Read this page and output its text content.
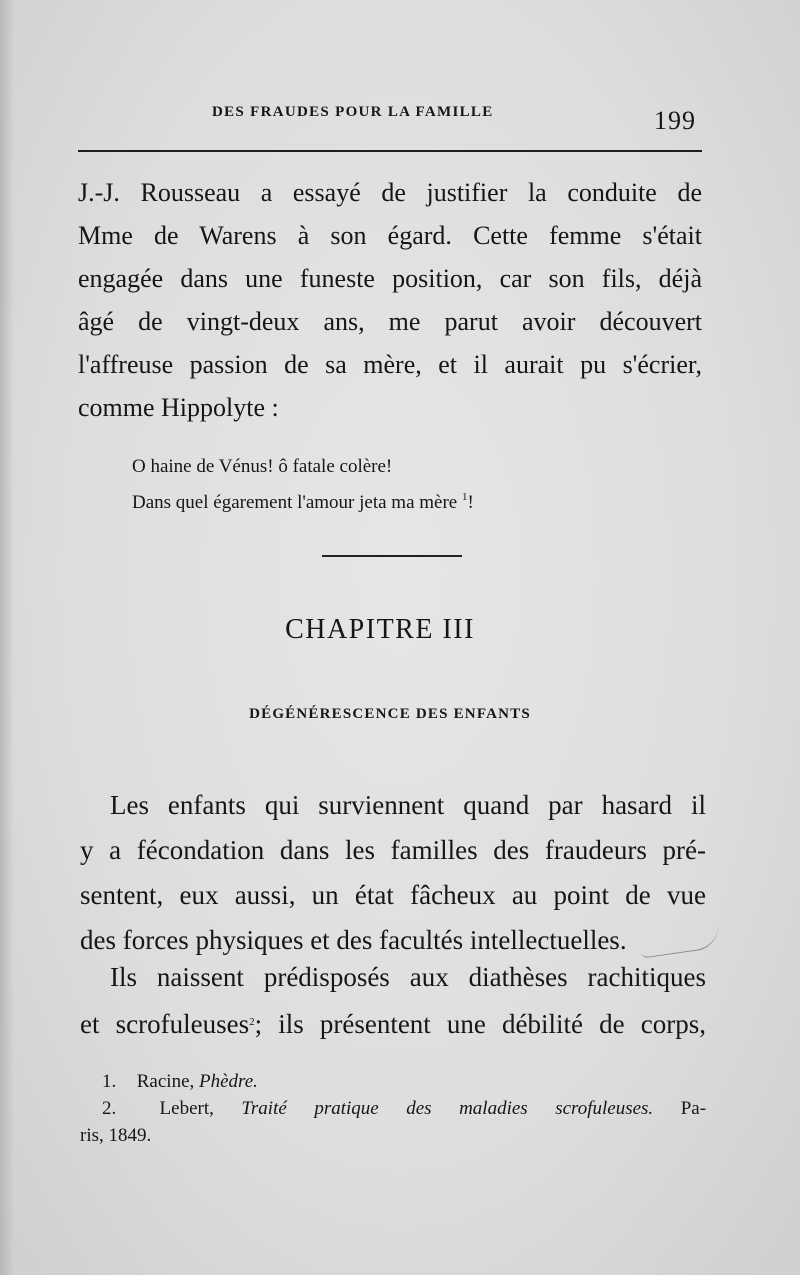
DES FRAUDES POUR LA FAMILLE	199
J.-J. Rousseau a essayé de justifier la conduite de
Mme de Warens à son égard. Cette femme s'était
engagée dans une funeste position, car son fils, déjà
âgé de vingt-deux ans, me parut avoir découvert
l'affreuse passion de sa mère, et il aurait pu s'écrier,
comme Hippolyte :
O haine de Vénus! ô fatale colère!
Dans quel égarement l'amour jeta ma mère $^1$!
CHAPITRE III
DÉGÉNÉRESCENCE DES ENFANTS
Les enfants qui surviennent quand par hasard il
y a fécondation dans les familles des fraudeurs pré-
sentent, eux aussi, un état fâcheux au point de vue
des forces physiques et des facultés intellectuelles.
Ils naissent prédisposés aux diathèses rachitiques
et scrofuleuses$^2$; ils présentent une débilité de corps,
1. Racine, Phèdre.
2. Lebert, Traité pratique des maladies scrofuleuses. Pa-
ris, 1849.
